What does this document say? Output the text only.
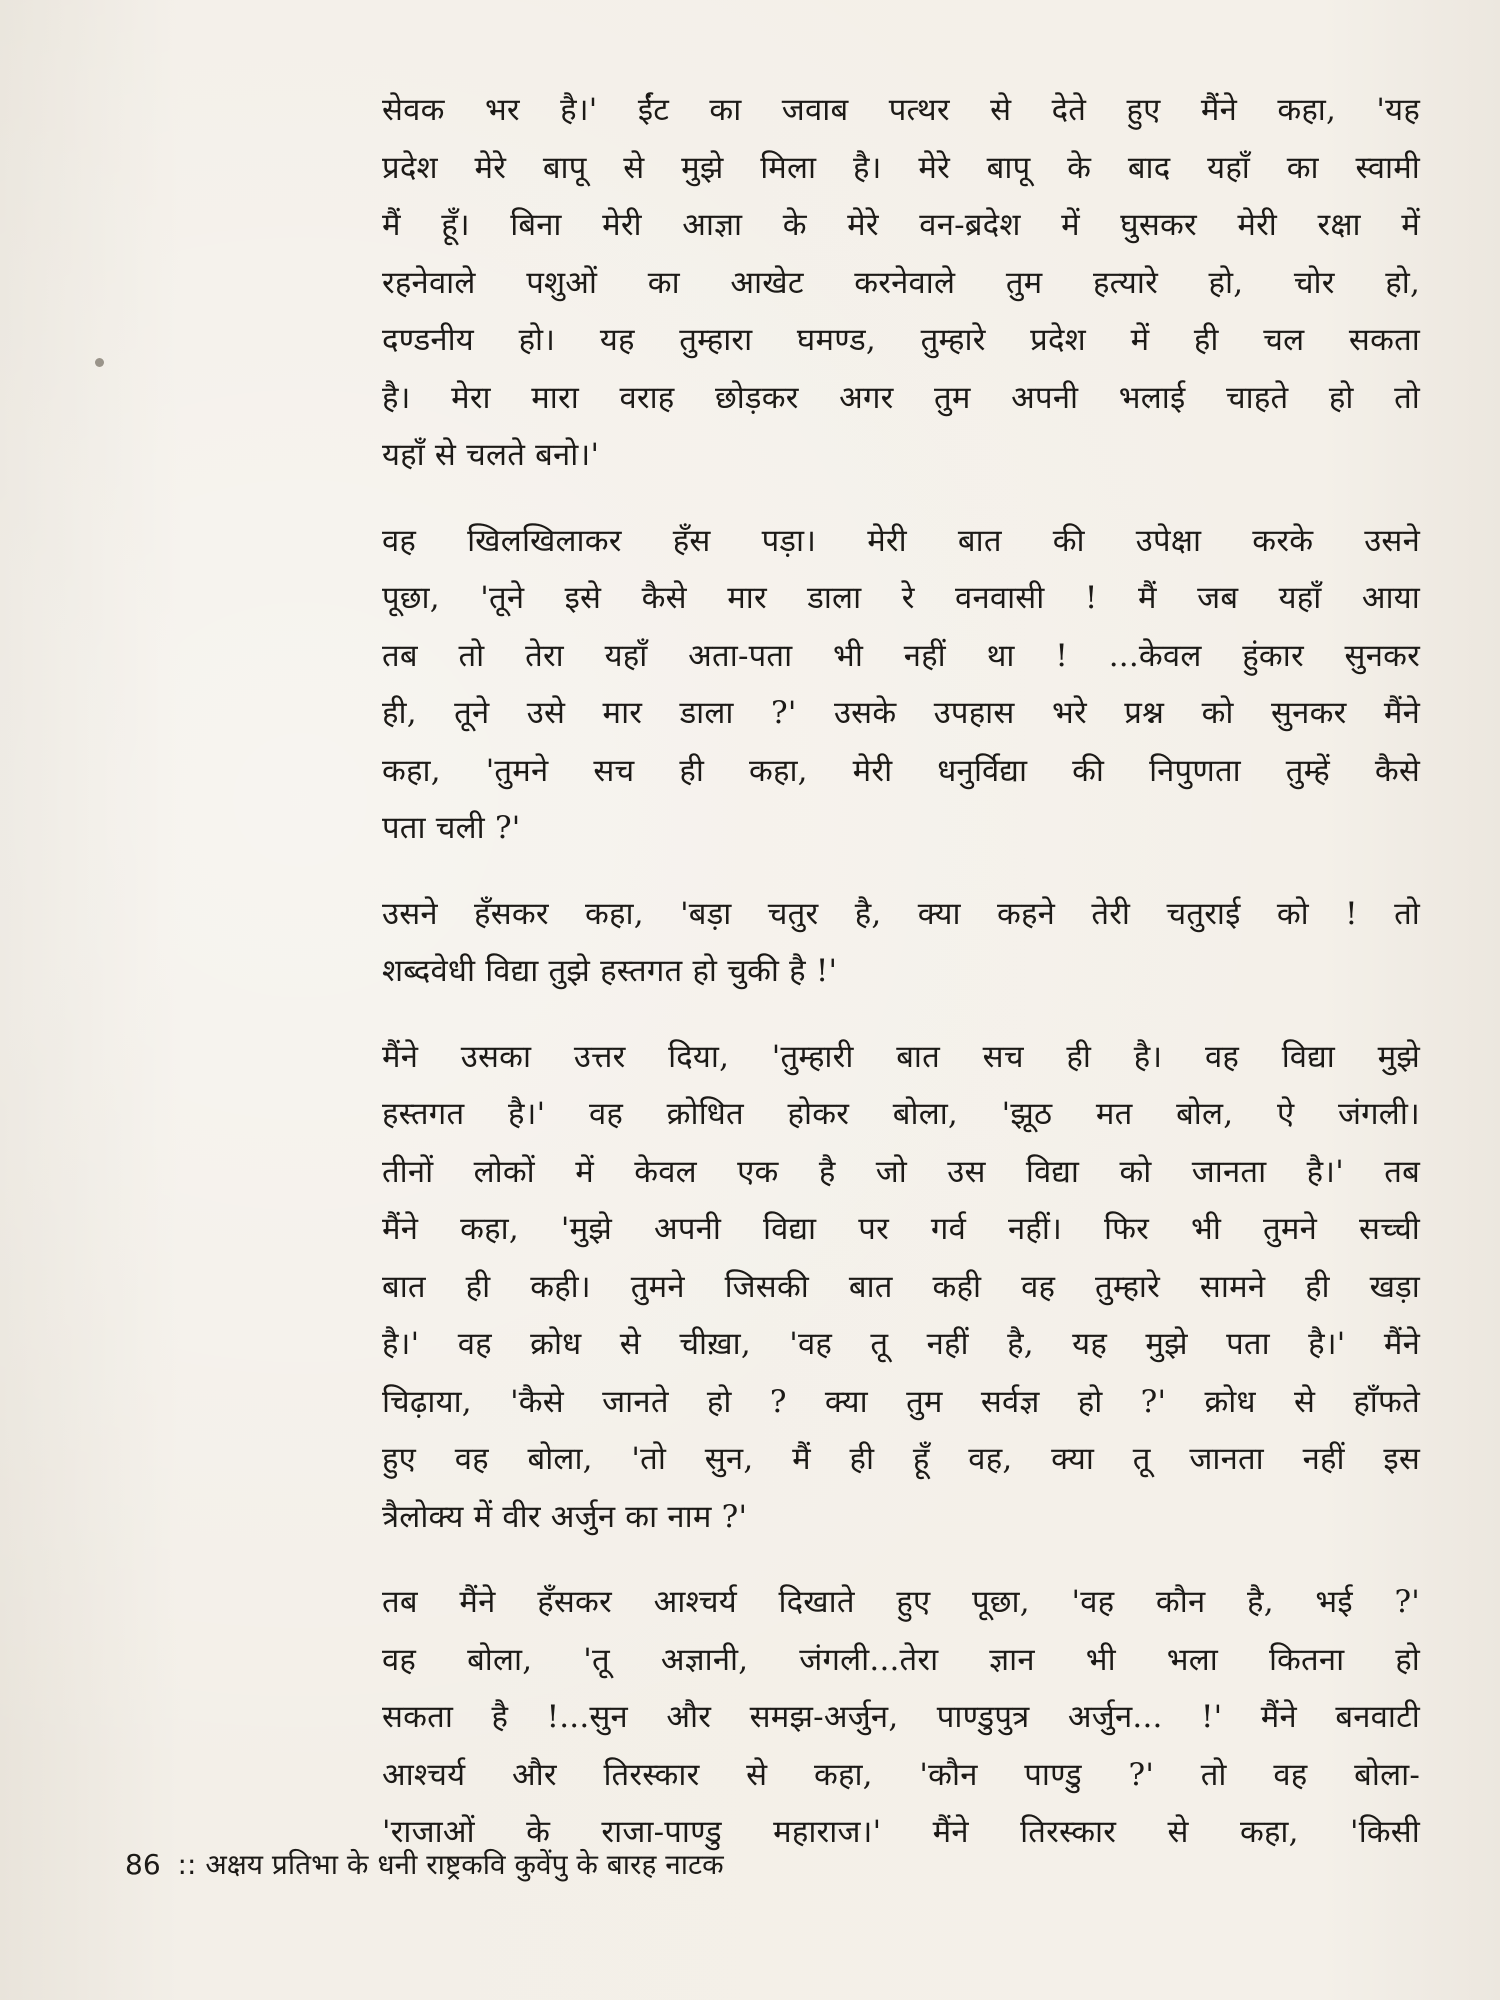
सेवक भर है।' ईंट का जवाब पत्थर से देते हुए मैंने कहा, 'यह
प्रदेश मेरे बापू से मुझे मिला है। मेरे बापू के बाद यहाँ का स्वामी
मैं हूँ। बिना मेरी आज्ञा के मेरे वन-ब्रदेश में घुसकर मेरी रक्षा में
रहनेवाले पशुओं का आखेट करनेवाले तुम हत्यारे हो, चोर हो,
दण्डनीय हो। यह तुम्हारा घमण्ड, तुम्हारे प्रदेश में ही चल सकता
है। मेरा मारा वराह छोड़कर अगर तुम अपनी भलाई चाहते हो तो
यहाँ से चलते बनो।'

वह खिलखिलाकर हँस पड़ा। मेरी बात की उपेक्षा करके उसने
पूछा, 'तूने इसे कैसे मार डाला रे वनवासी ! मैं जब यहाँ आया
तब तो तेरा यहाँ अता-पता भी नहीं था ! ...केवल हुंकार सुनकर
ही, तूने उसे मार डाला ?' उसके उपहास भरे प्रश्न को सुनकर मैंने
कहा, 'तुमने सच ही कहा, मेरी धनुर्विद्या की निपुणता तुम्हें कैसे
पता चली ?'

उसने हँसकर कहा, 'बड़ा चतुर है, क्या कहने तेरी चतुराई को ! तो
शब्दवेधी विद्या तुझे हस्तगत हो चुकी है !'

मैंने उसका उत्तर दिया, 'तुम्हारी बात सच ही है। वह विद्या मुझे
हस्तगत है।' वह क्रोधित होकर बोला, 'झूठ मत बोल, ऐ जंगली।
तीनों लोकों में केवल एक है जो उस विद्या को जानता है।' तब
मैंने कहा, 'मुझे अपनी विद्या पर गर्व नहीं। फिर भी तुमने सच्ची
बात ही कही। तुमने जिसकी बात कही वह तुम्हारे सामने ही खड़ा
है।' वह क्रोध से चीख़ा, 'वह तू नहीं है, यह मुझे पता है।' मैंने
चिढ़ाया, 'कैसे जानते हो ? क्या तुम सर्वज्ञ हो ?' क्रोध से हाँफते
हुए वह बोला, 'तो सुन, मैं ही हूँ वह, क्या तू जानता नहीं इस
त्रैलोक्य में वीर अर्जुन का नाम ?'

तब मैंने हँसकर आश्चर्य दिखाते हुए पूछा, 'वह कौन है, भई ?'
वह बोला, 'तू अज्ञानी, जंगली...तेरा ज्ञान भी भला कितना हो
सकता है !...सुन और समझ-अर्जुन, पाण्डुपुत्र अर्जुन... !' मैंने बनवाटी
आश्चर्य और तिरस्कार से कहा, 'कौन पाण्डु ?' तो वह बोला-
'राजाओं के राजा-पाण्डु महाराज।' मैंने तिरस्कार से कहा, 'किसी

86 :: अक्षय प्रतिभा के धनी राष्ट्रकवि कुवेंपु के बारह नाटक
